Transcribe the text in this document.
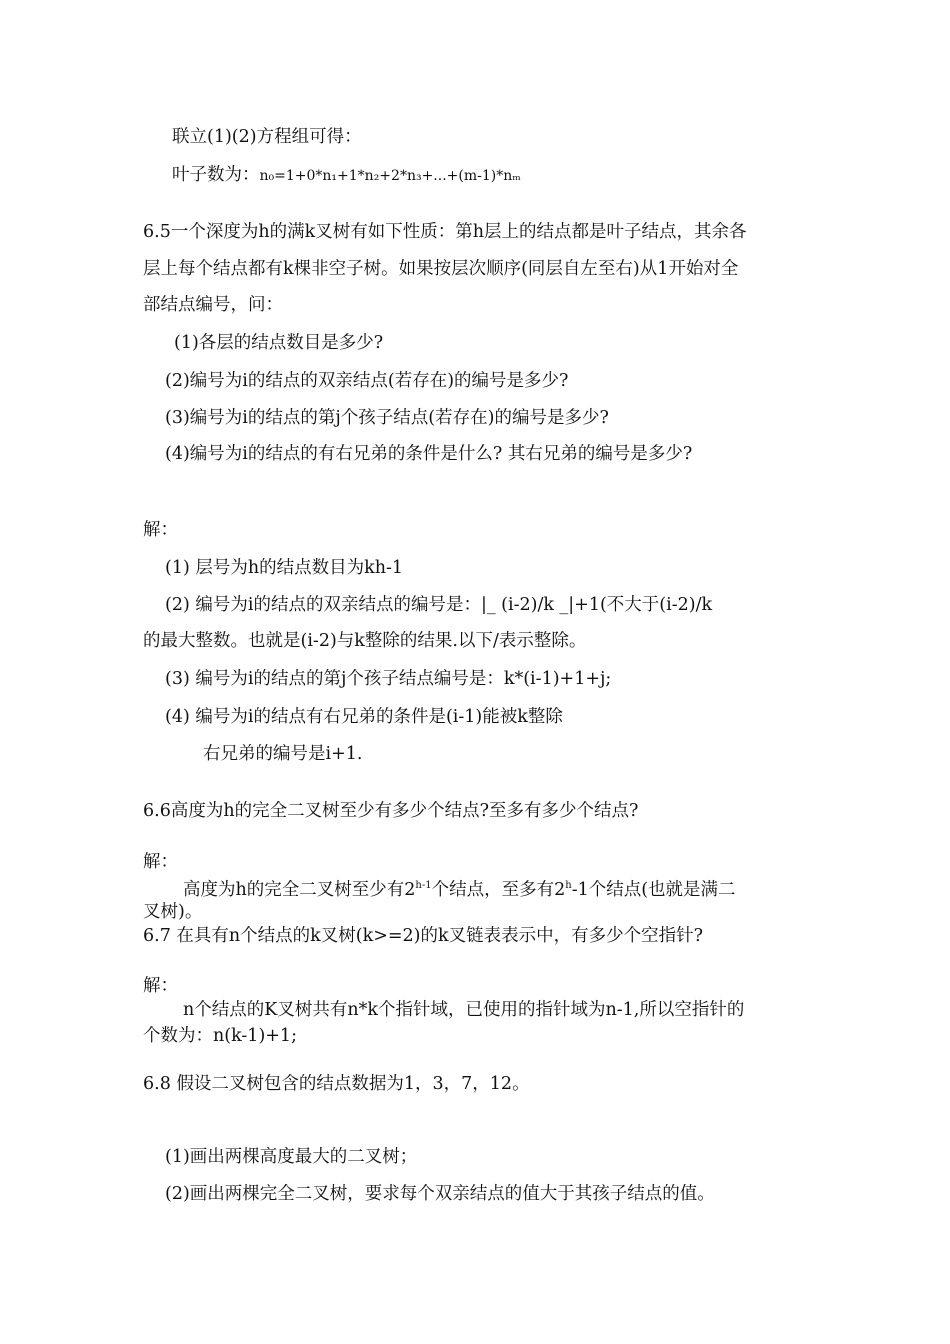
联立(1)(2)方程组可得：
叶子数为：n₀=1+0*n₁+1*n₂+2*n₃+...+(m-1)*nₘ
6.5一个深度为h的满k叉树有如下性质：第h层上的结点都是叶子结点，其余各
层上每个结点都有k棵非空子树。如果按层次顺序(同层自左至右)从1开始对全
部结点编号，问：
(1)各层的结点数目是多少?
(2)编号为i的结点的双亲结点(若存在)的编号是多少?
(3)编号为i的结点的第j个孩子结点(若存在)的编号是多少?
(4)编号为i的结点的有右兄弟的条件是什么? 其右兄弟的编号是多少?
解：
(1) 层号为h的结点数目为kh-1
(2) 编号为i的结点的双亲结点的编号是：|_ (i-2)/k _|+1(不大于(i-2)/k
的最大整数。也就是(i-2)与k整除的结果.以下/表示整除。
(3) 编号为i的结点的第j个孩子结点编号是：k*(i-1)+1+j;
(4) 编号为i的结点有右兄弟的条件是(i-1)能被k整除
右兄弟的编号是i+1.
6.6高度为h的完全二叉树至少有多少个结点?至多有多少个结点?
解：
高度为h的完全二叉树至少有2$^{h-1}$个结点，至多有2$^h$-1个结点(也就是满二
叉树)。
6.7 在具有n个结点的k叉树(k>=2)的k叉链表表示中，有多少个空指针?
解：
n个结点的K叉树共有n*k个指针域，已使用的指针域为n-1,所以空指针的
个数为：n(k-1)+1;
6.8 假设二叉树包含的结点数据为1，3，7，12。
(1)画出两棵高度最大的二叉树；
(2)画出两棵完全二叉树，要求每个双亲结点的值大于其孩子结点的值。
